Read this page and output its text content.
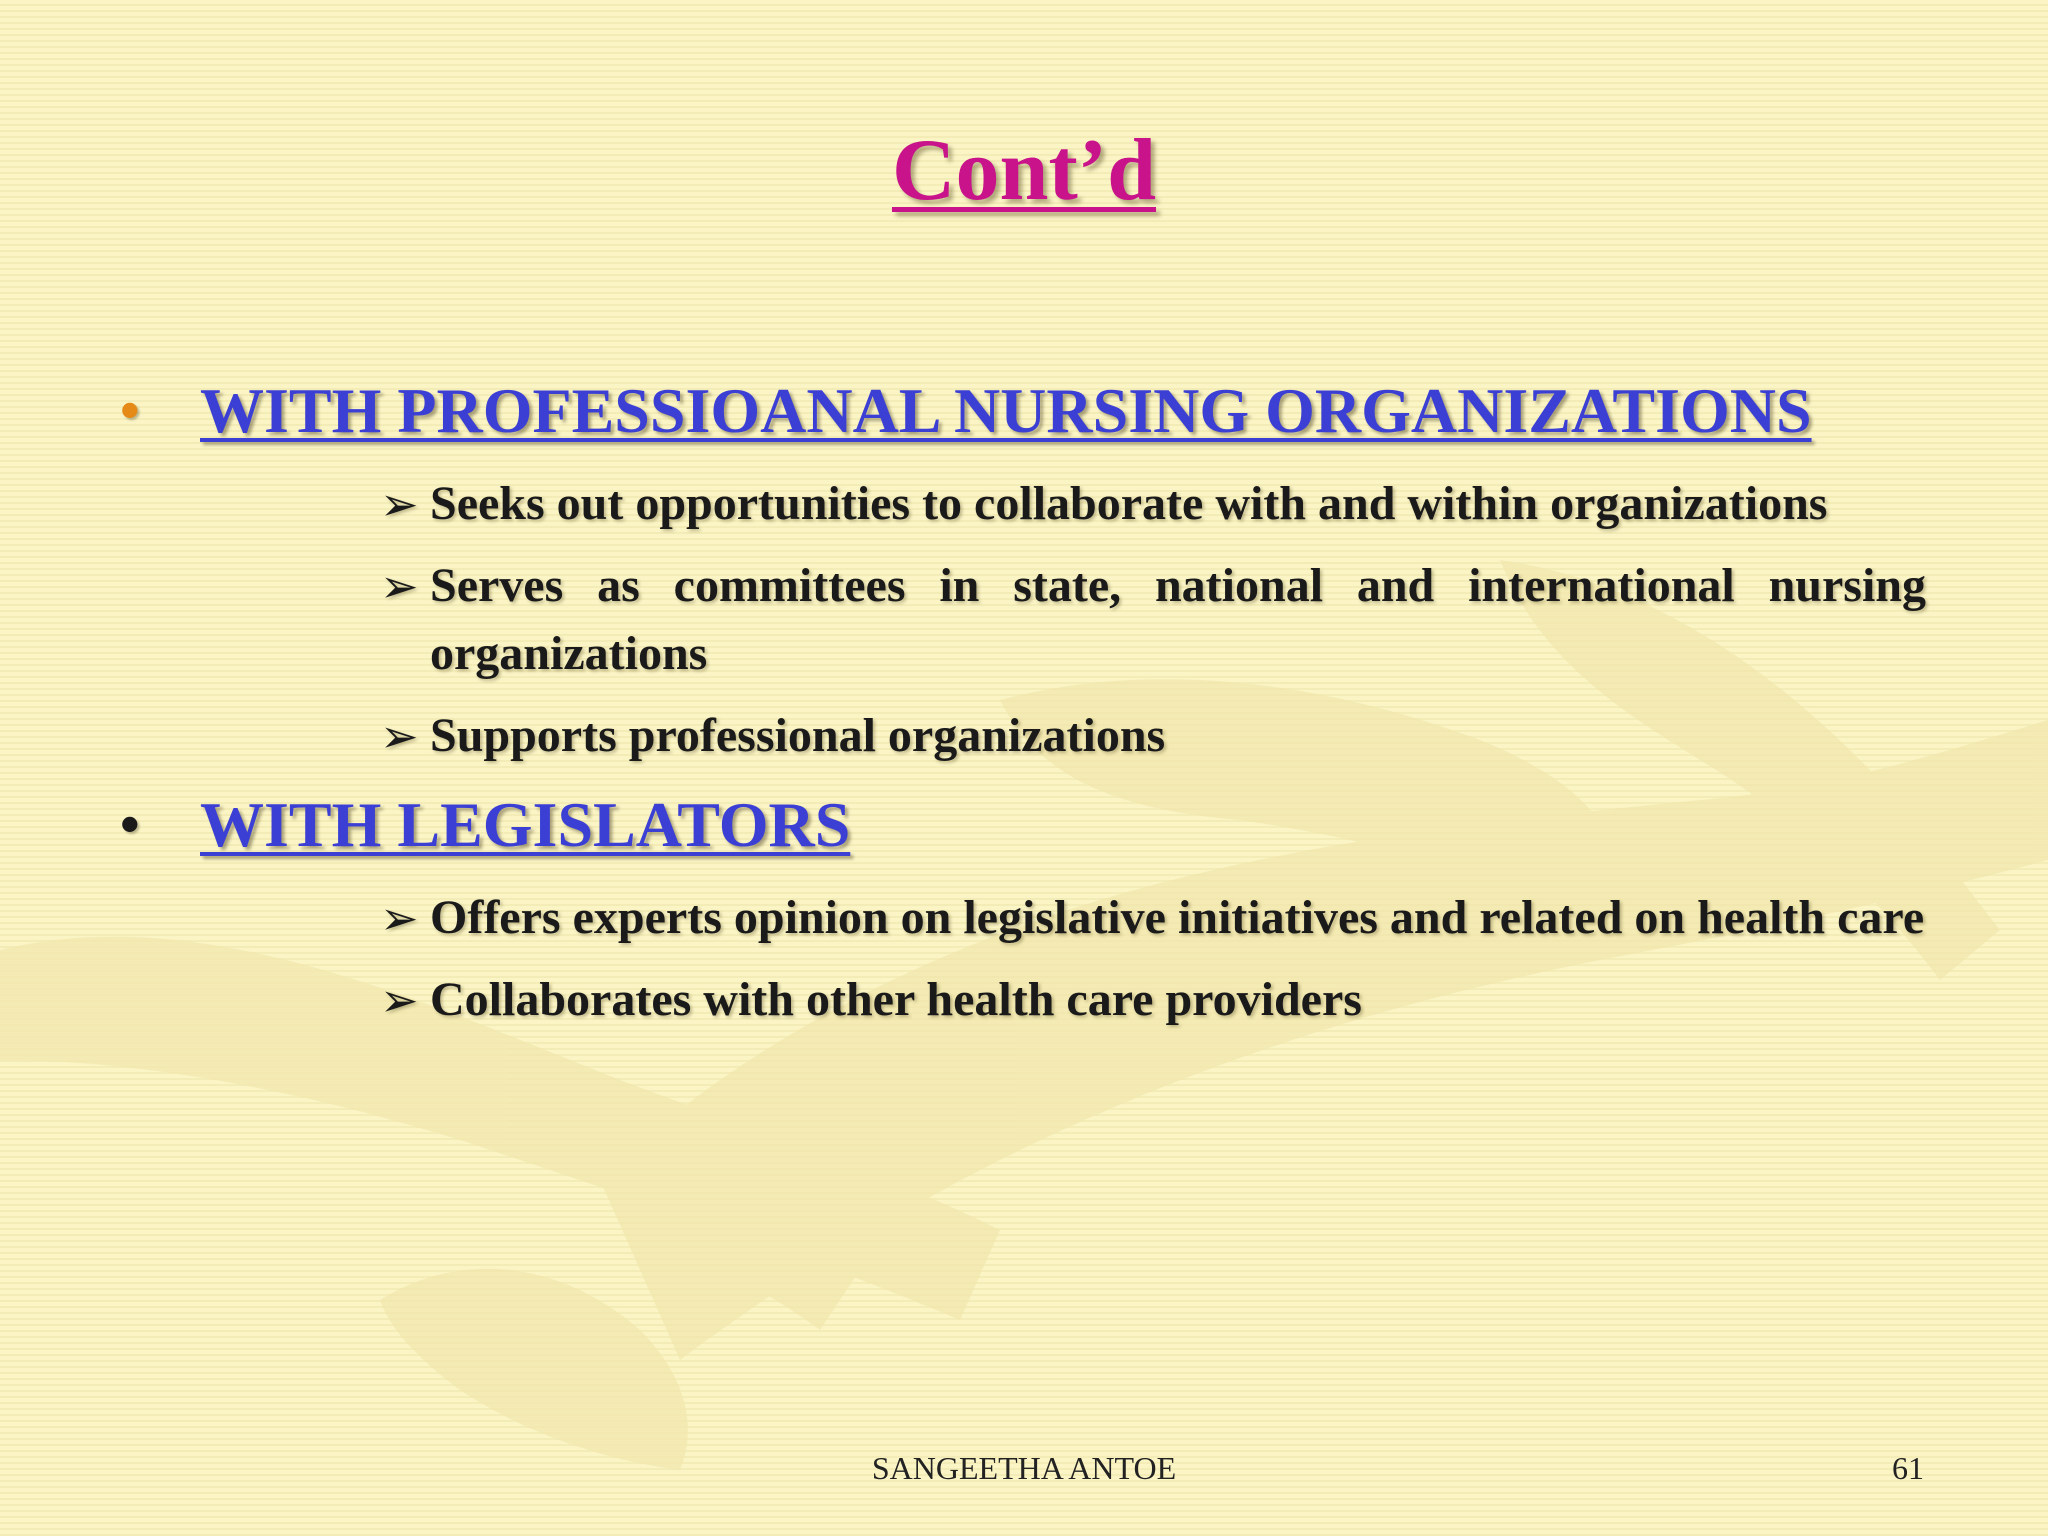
Cont’d
• WITH PROFESSIOANAL NURSING ORGANIZATIONS
➢ Seeks out opportunities to collaborate with and within organizations
➢ Serves as committees in state, national and international nursing organizations
➢ Supports professional organizations
• WITH LEGISLATORS
➢ Offers experts opinion on legislative initiatives and related on health care
➢ Collaborates with other health care providers
SANGEETHA ANTOE	61
